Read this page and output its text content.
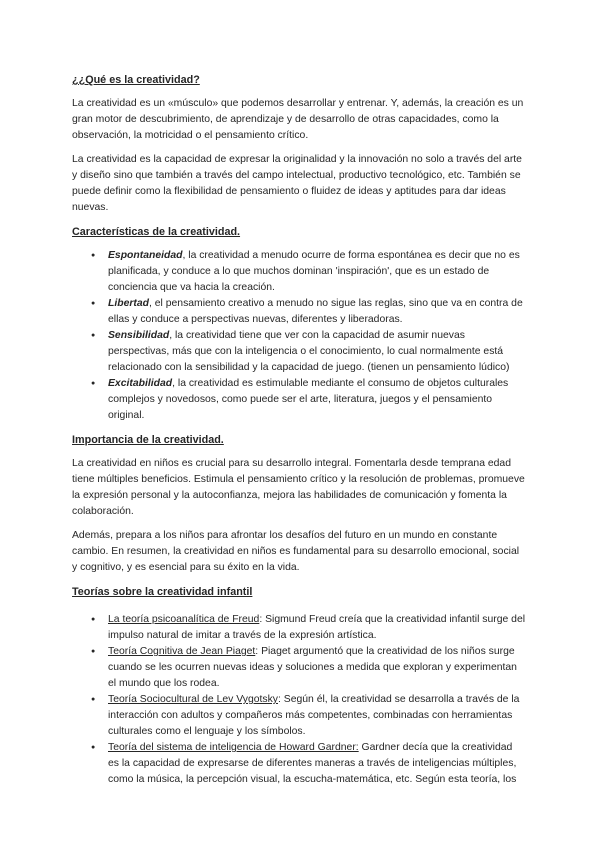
¿¿Qué es la creatividad?

La creatividad es un «músculo» que podemos desarrollar y entrenar. Y, además, la creación es un gran motor de descubrimiento, de aprendizaje y de desarrollo de otras capacidades, como la observación, la motricidad o el pensamiento crítico.

La creatividad es la capacidad de expresar la originalidad y la innovación no solo a través del arte y diseño sino que también a través del campo intelectual, productivo tecnológico, etc. También se puede definir como la flexibilidad de pensamiento o fluidez de ideas y aptitudes para dar ideas nuevas.

Características de la creatividad.
● Espontaneidad, la creatividad a menudo ocurre de forma espontánea es decir que no es planificada, y conduce a lo que muchos dominan 'inspiración', que es un estado de conciencia que va hacia la creación.
● Libertad, el pensamiento creativo a menudo no sigue las reglas, sino que va en contra de ellas y conduce a perspectivas nuevas, diferentes y liberadoras.
● Sensibilidad, la creatividad tiene que ver con la capacidad de asumir nuevas perspectivas, más que con la inteligencia o el conocimiento, lo cual normalmente está relacionado con la sensibilidad y la capacidad de juego. (tienen un pensamiento lúdico)
● Excitabilidad, la creatividad es estimulable mediante el consumo de objetos culturales complejos y novedosos, como puede ser el arte, literatura, juegos y el pensamiento original.
Importancia de la creatividad.

La creatividad en niños es crucial para su desarrollo integral. Fomentarla desde temprana edad tiene múltiples beneficios. Estimula el pensamiento crítico y la resolución de problemas, promueve la expresión personal y la autoconfianza, mejora las habilidades de comunicación y fomenta la colaboración.

Además, prepara a los niños para afrontar los desafíos del futuro en un mundo en constante cambio. En resumen, la creatividad en niños es fundamental para su desarrollo emocional, social y cognitivo, y es esencial para su éxito en la vida.

Teorías sobre la creatividad infantil
● La teoría psicoanalítica de Freud: Sigmund Freud creía que la creatividad infantil surge del impulso natural de imitar a través de la expresión artística.
● Teoría Cognitiva de Jean Piaget: Piaget argumentó que la creatividad de los niños surge cuando se les ocurren nuevas ideas y soluciones a medida que exploran y experimentan el mundo que los rodea.
● Teoría Sociocultural de Lev Vygotsky: Según él, la creatividad se desarrolla a través de la interacción con adultos y compañeros más competentes, combinadas con herramientas culturales como el lenguaje y los símbolos.
● Teoría del sistema de inteligencia de Howard Gardner: Gardner decía que la creatividad es la capacidad de expresarse de diferentes maneras a través de inteligencias múltiples, como la música, la percepción visual, la escucha-matemática, etc. Según esta teoría, los
